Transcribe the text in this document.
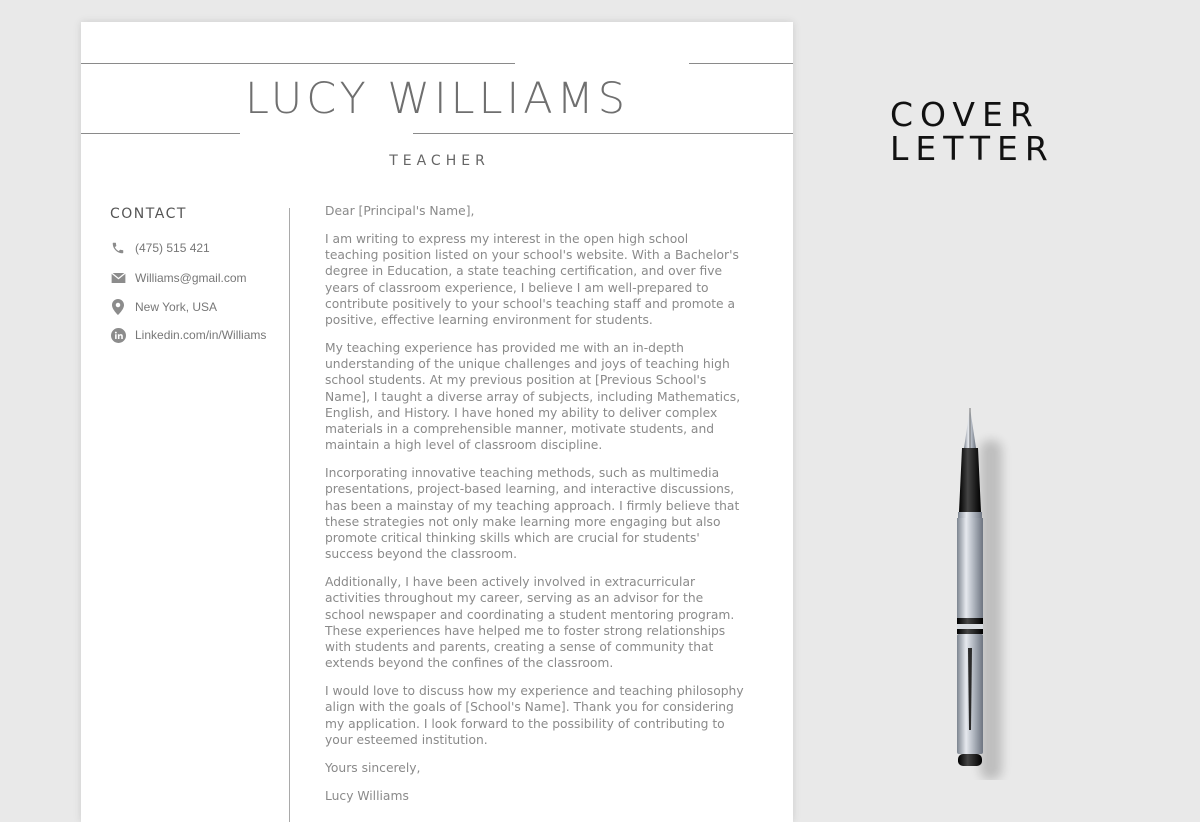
LUCY WILLIAMS
TEACHER
CONTACT
(475) 515 421
Williams@gmail.com
New York, USA
Linkedin.com/in/Williams

Dear [Principal's Name],

I am writing to express my interest in the open high school teaching position listed on your school's website. With a Bachelor's degree in Education, a state teaching certification, and over five years of classroom experience, I believe I am well-prepared to contribute positively to your school's teaching staff and promote a positive, effective learning environment for students.

My teaching experience has provided me with an in-depth understanding of the unique challenges and joys of teaching high school students. At my previous position at [Previous School's Name], I taught a diverse array of subjects, including Mathematics, English, and History. I have honed my ability to deliver complex materials in a comprehensible manner, motivate students, and maintain a high level of classroom discipline.

Incorporating innovative teaching methods, such as multimedia presentations, project-based learning, and interactive discussions, has been a mainstay of my teaching approach. I firmly believe that these strategies not only make learning more engaging but also promote critical thinking skills which are crucial for students' success beyond the classroom.

Additionally, I have been actively involved in extracurricular activities throughout my career, serving as an advisor for the school newspaper and coordinating a student mentoring program. These experiences have helped me to foster strong relationships with students and parents, creating a sense of community that extends beyond the confines of the classroom.

I would love to discuss how my experience and teaching philosophy align with the goals of [School's Name]. Thank you for considering my application. I look forward to the possibility of contributing to your esteemed institution.

Yours sincerely,

Lucy Williams

COVER
LETTER
